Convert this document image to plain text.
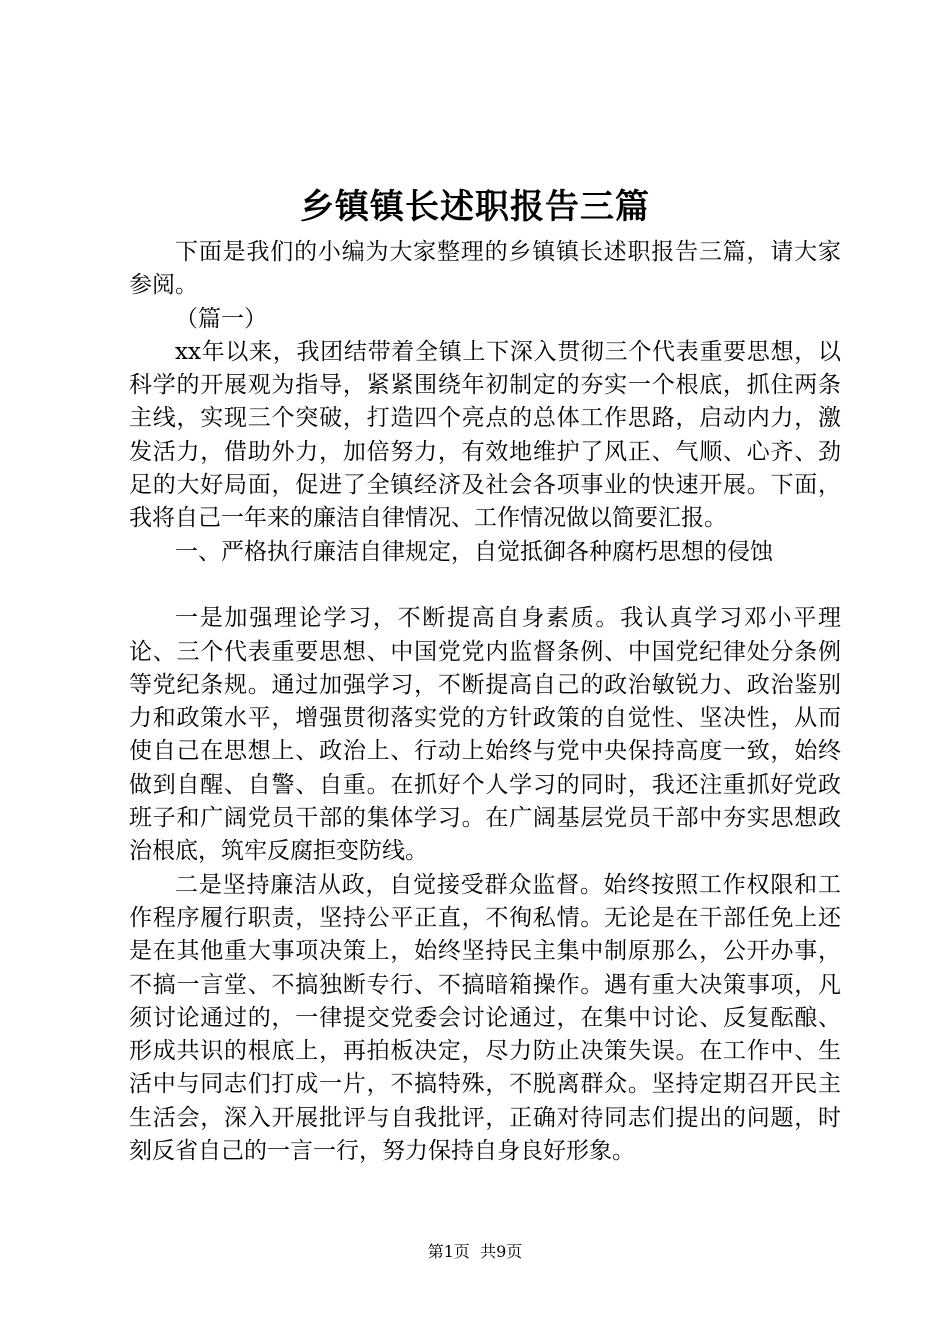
乡镇镇长述职报告三篇

下面是我们的小编为大家整理的乡镇镇长述职报告三篇，请大家参阅。

（篇一）

xx年以来，我团结带着全镇上下深入贯彻三个代表重要思想，以科学的开展观为指导，紧紧围绕年初制定的夯实一个根底，抓住两条主线，实现三个突破，打造四个亮点的总体工作思路，启动内力，激发活力，借助外力，加倍努力，有效地维护了风正、气顺、心齐、劲足的大好局面，促进了全镇经济及社会各项事业的快速开展。下面，我将自己一年来的廉洁自律情况、工作情况做以简要汇报。

一、严格执行廉洁自律规定，自觉抵御各种腐朽思想的侵蚀

一是加强理论学习，不断提高自身素质。我认真学习邓小平理论、三个代表重要思想、中国党党内监督条例、中国党纪律处分条例等党纪条规。通过加强学习，不断提高自己的政治敏锐力、政治鉴别力和政策水平，增强贯彻落实党的方针政策的自觉性、坚决性，从而使自己在思想上、政治上、行动上始终与党中央保持高度一致，始终做到自醒、自警、自重。在抓好个人学习的同时，我还注重抓好党政班子和广阔党员干部的集体学习。在广阔基层党员干部中夯实思想政治根底，筑牢反腐拒变防线。

二是坚持廉洁从政，自觉接受群众监督。始终按照工作权限和工作程序履行职责，坚持公平正直，不徇私情。无论是在干部任免上还是在其他重大事项决策上，始终坚持民主集中制原那么，公开办事，不搞一言堂、不搞独断专行、不搞暗箱操作。遇有重大决策事项，凡须讨论通过的，一律提交党委会讨论通过，在集中讨论、反复酝酿、形成共识的根底上，再拍板决定，尽力防止决策失误。在工作中、生活中与同志们打成一片，不搞特殊，不脱离群众。坚持定期召开民主生活会，深入开展批评与自我批评，正确对待同志们提出的问题，时刻反省自己的一言一行，努力保持自身良好形象。

第1页 共9页
